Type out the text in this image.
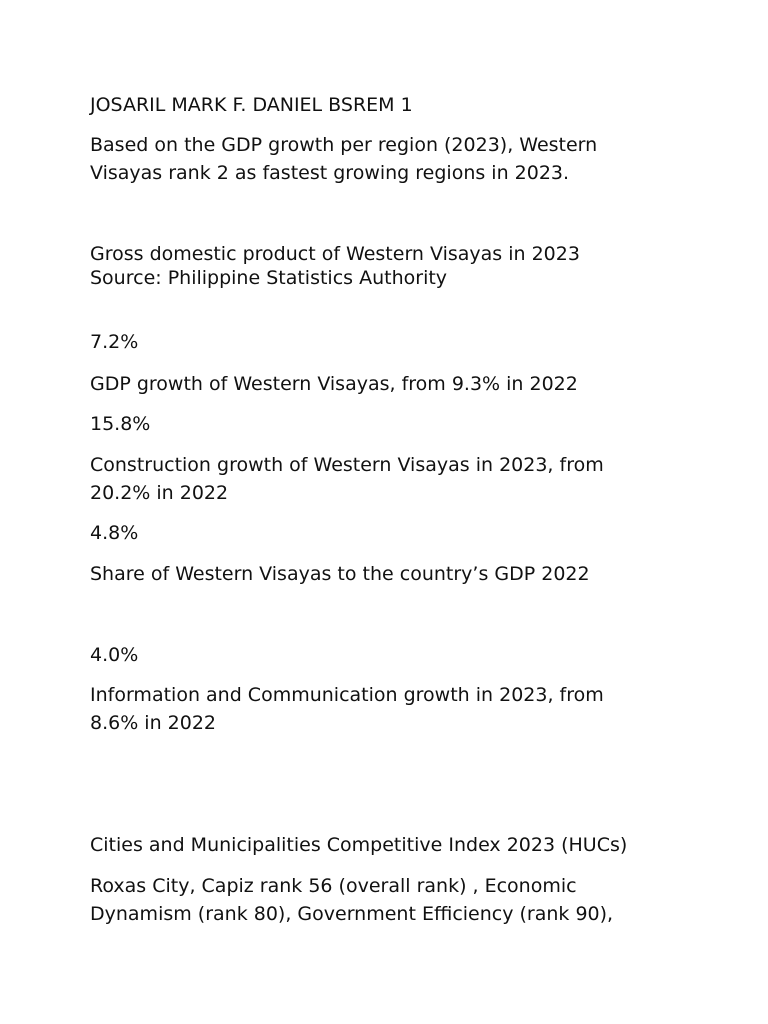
JOSARIL MARK F. DANIEL BSREM 1

Based on the GDP growth per region (2023), Western

Visayas rank 2 as fastest growing regions in 2023.

Gross domestic product of Western Visayas in 2023

Source: Philippine Statistics Authority

7.2%

GDP growth of Western Visayas, from 9.3% in 2022

15.8%

Construction growth of Western Visayas in 2023, from

20.2% in 2022

4.8%

Share of Western Visayas to the country’s GDP 2022

4.0%

Information and Communication growth in 2023, from

8.6% in 2022

Cities and Municipalities Competitive Index 2023 (HUCs)

Roxas City, Capiz rank 56 (overall rank) , Economic

Dynamism (rank 80), Government Efficiency (rank 90),
